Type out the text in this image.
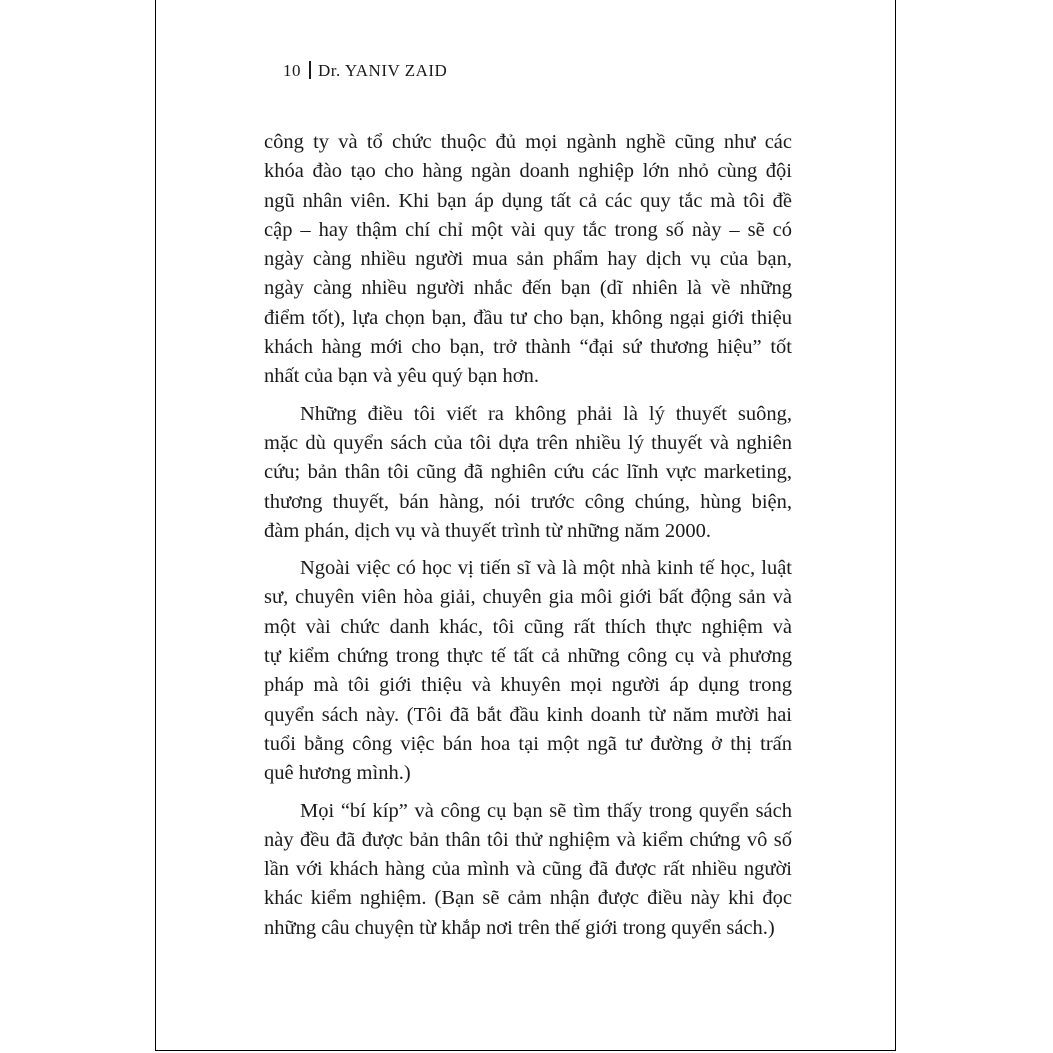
10 Dr. YANIV ZAID

công ty và tổ chức thuộc đủ mọi ngành nghề cũng như các
khóa đào tạo cho hàng ngàn doanh nghiệp lớn nhỏ cùng đội
ngũ nhân viên. Khi bạn áp dụng tất cả các quy tắc mà tôi đề
cập – hay thậm chí chỉ một vài quy tắc trong số này – sẽ có
ngày càng nhiều người mua sản phẩm hay dịch vụ của bạn,
ngày càng nhiều người nhắc đến bạn (dĩ nhiên là về những
điểm tốt), lựa chọn bạn, đầu tư cho bạn, không ngại giới thiệu
khách hàng mới cho bạn, trở thành “đại sứ thương hiệu” tốt
nhất của bạn và yêu quý bạn hơn.

Những điều tôi viết ra không phải là lý thuyết suông,
mặc dù quyển sách của tôi dựa trên nhiều lý thuyết và nghiên
cứu; bản thân tôi cũng đã nghiên cứu các lĩnh vực marketing,
thương thuyết, bán hàng, nói trước công chúng, hùng biện,
đàm phán, dịch vụ và thuyết trình từ những năm 2000.

Ngoài việc có học vị tiến sĩ và là một nhà kinh tế học, luật
sư, chuyên viên hòa giải, chuyên gia môi giới bất động sản và
một vài chức danh khác, tôi cũng rất thích thực nghiệm và
tự kiểm chứng trong thực tế tất cả những công cụ và phương
pháp mà tôi giới thiệu và khuyên mọi người áp dụng trong
quyển sách này. (Tôi đã bắt đầu kinh doanh từ năm mười hai
tuổi bằng công việc bán hoa tại một ngã tư đường ở thị trấn
quê hương mình.)

Mọi “bí kíp” và công cụ bạn sẽ tìm thấy trong quyển sách
này đều đã được bản thân tôi thử nghiệm và kiểm chứng vô số
lần với khách hàng của mình và cũng đã được rất nhiều người
khác kiểm nghiệm. (Bạn sẽ cảm nhận được điều này khi đọc
những câu chuyện từ khắp nơi trên thế giới trong quyển sách.)
